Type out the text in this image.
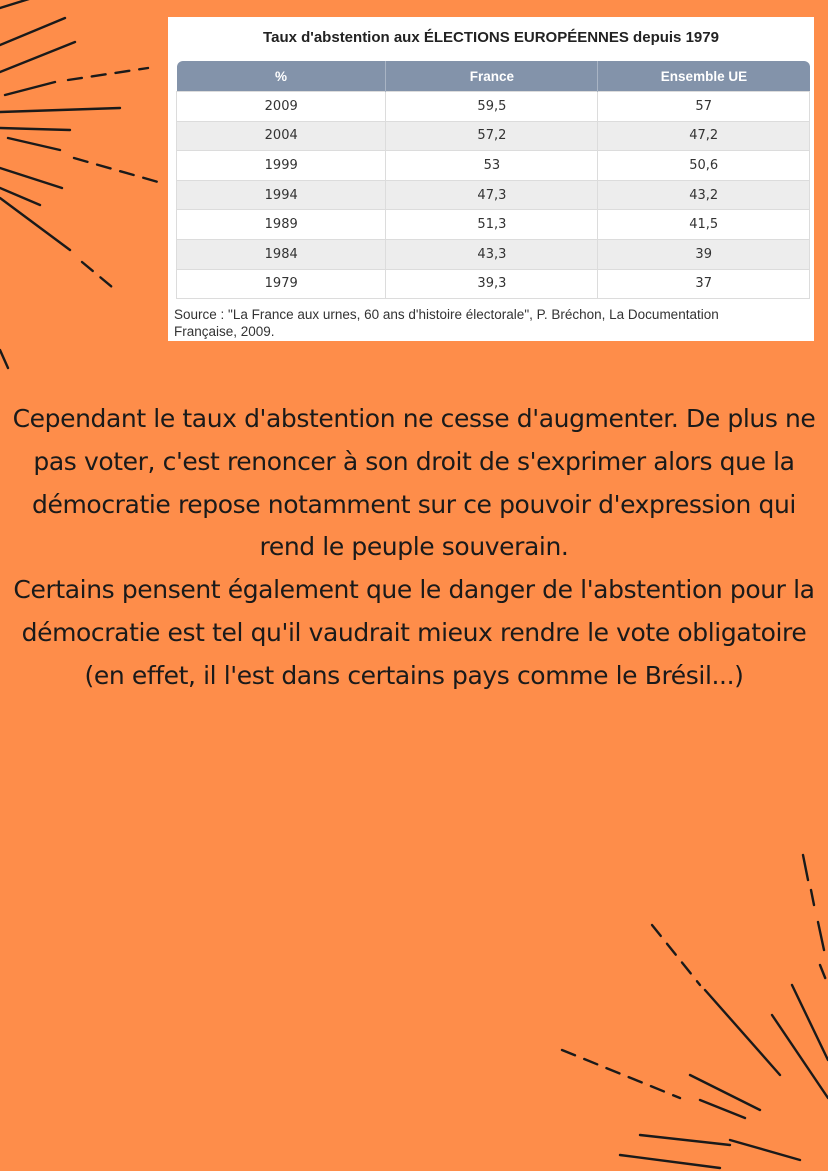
Taux d'abstention aux ÉLECTIONS EUROPÉENNES depuis 1979
%	France	Ensemble UE
2009	59,5	57
2004	57,2	47,2
1999	53	50,6
1994	47,3	43,2
1989	51,3	41,5
1984	43,3	39
1979	39,3	37
Source : "La France aux urnes, 60 ans d'histoire électorale", P. Bréchon, La Documentation
Française, 2009.

Cependant le taux d'abstention ne cesse d'augmenter. De plus ne pas voter, c'est renoncer à son droit de s'exprimer alors que la démocratie repose notamment sur ce pouvoir d'expression qui rend le peuple souverain.

Certains pensent également que le danger de l'abstention pour la démocratie est tel qu'il vaudrait mieux rendre le vote obligatoire (en effet, il l'est dans certains pays comme le Brésil...)
